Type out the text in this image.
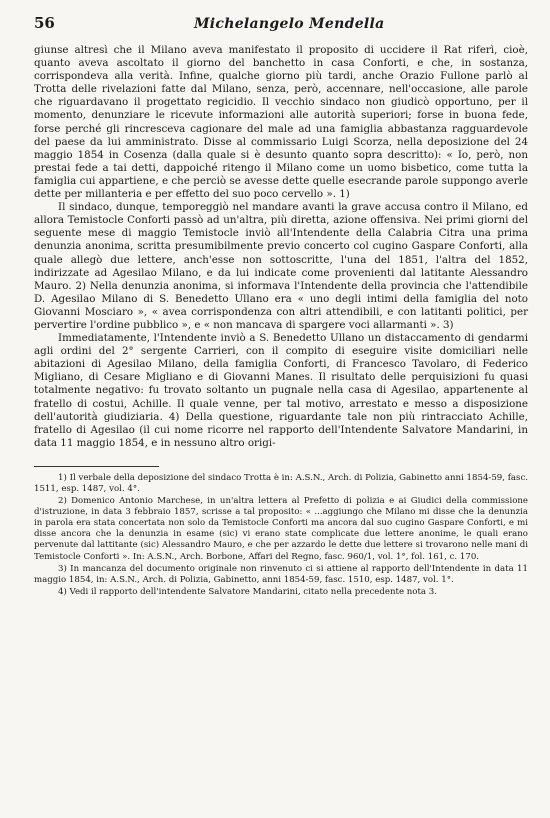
56	Michelangelo Mendella

giunse altresì che il Milano aveva manifestato il proposito di uccidere il Rat riferì, cioè, quanto aveva ascoltato il giorno del banchetto in casa Conforti, e che, in sostanza, corrispondeva alla verità. Infine, qualche giorno più tardi, anche Orazio Fullone parlò al Trotta delle rivelazioni fatte dal Milano, senza, però, accennare, nell'occasione, alle parole che riguardavano il progettato regicidio. Il vecchio sindaco non giudicò opportuno, per il momento, denunziare le ricevute informazioni alle autorità superiori; forse in buona fede, forse perché gli rincresceva cagionare del male ad una famiglia abbastanza ragguardevole del paese da lui amministrato. Disse al commissario Luigi Scorza, nella deposizione del 24 maggio 1854 in Cosenza (dalla quale si è desunto quanto sopra descritto): « Io, però, non prestai fede a tai detti, dappoiché ritengo il Milano come un uomo bisbetico, come tutta la famiglia cui appartiene, e che perciò se avesse dette quelle esecrande parole suppongo averle dette per millanteria e per effetto del suo poco cervello ». 1)

Il sindaco, dunque, temporeggiò nel mandare avanti la grave accusa contro il Milano, ed allora Temistocle Conforti passò ad un'altra, più diretta, azione offensiva. Nei primi giorni del seguente mese di maggio Temistocle inviò all'Intendente della Calabria Citra una prima denunzia anonima, scritta presumibilmente previo concerto col cugino Gaspare Conforti, alla quale allegò due lettere, anch'esse non sottoscritte, l'una del 1851, l'altra del 1852, indirizzate ad Agesilao Milano, e da lui indicate come provenienti dal latitante Alessandro Mauro. 2) Nella denunzia anonima, si informava l'Intendente della provincia che l'attendibile D. Agesilao Milano di S. Benedetto Ullano era « uno degli intimi della famiglia del noto Giovanni Mosciaro », « avea corrispondenza con altri attendibili, e con latitanti politici, per pervertire l'ordine pubblico », e « non mancava di spargere voci allarmanti ». 3)

Immediatamente, l'Intendente inviò a S. Benedetto Ullano un distaccamento di gendarmi agli ordini del 2° sergente Carrieri, con il compito di eseguire visite domiciliari nelle abitazioni di Agesilao Milano, della famiglia Conforti, di Francesco Tavolaro, di Federico Migliano, di Cesare Migliano e di Giovanni Manes. Il risultato delle perquisizioni fu quasi totalmente negativo: fu trovato soltanto un pugnale nella casa di Agesilao, appartenente al fratello di costui, Achille. Il quale venne, per tal motivo, arrestato e messo a disposizione dell'autorità giudiziaria. 4) Della questione, riguardante tale non più rintracciato Achille, fratello di Agesilao (il cui nome ricorre nel rapporto dell'Intendente Salvatore Mandarini, in data 11 maggio 1854, e in nessuno altro origi-

1) Il verbale della deposizione del sindaco Trotta è in: A.S.N., Arch. di Polizia, Gabinetto anni 1854-59, fasc. 1511, esp. 1487, vol. 4°.

2) Domenico Antonio Marchese, in un'altra lettera al Prefetto di polizia e ai Giudici della commissione d'istruzione, in data 3 febbraio 1857, scrisse a tal proposito: « ...aggiungo che Milano mi disse che la denunzia in parola era stata concertata non solo da Temistocle Conforti ma ancora dal suo cugino Gaspare Conforti, e mi disse ancora che la denunzia in esame (sic) vi erano state complicate due lettere anonime, le quali erano pervenute dal lattitante (sic) Alessandro Mauro, e che per azzardo le dette due lettere si trovarono nelle mani di Temistocle Conforti ». In: A.S.N., Arch. Borbone, Affari del Regno, fasc. 960/1, vol. 1°, fol. 161, c. 170.

3) In mancanza del documento originale non rinvenuto ci si attiene al rapporto dell'Intendente in data 11 maggio 1854, in: A.S.N., Arch. di Polizia, Gabinetto, anni 1854-59, fasc. 1510, esp. 1487, vol. 1°.

4) Vedi il rapporto dell'intendente Salvatore Mandarini, citato nella precedente nota 3.
